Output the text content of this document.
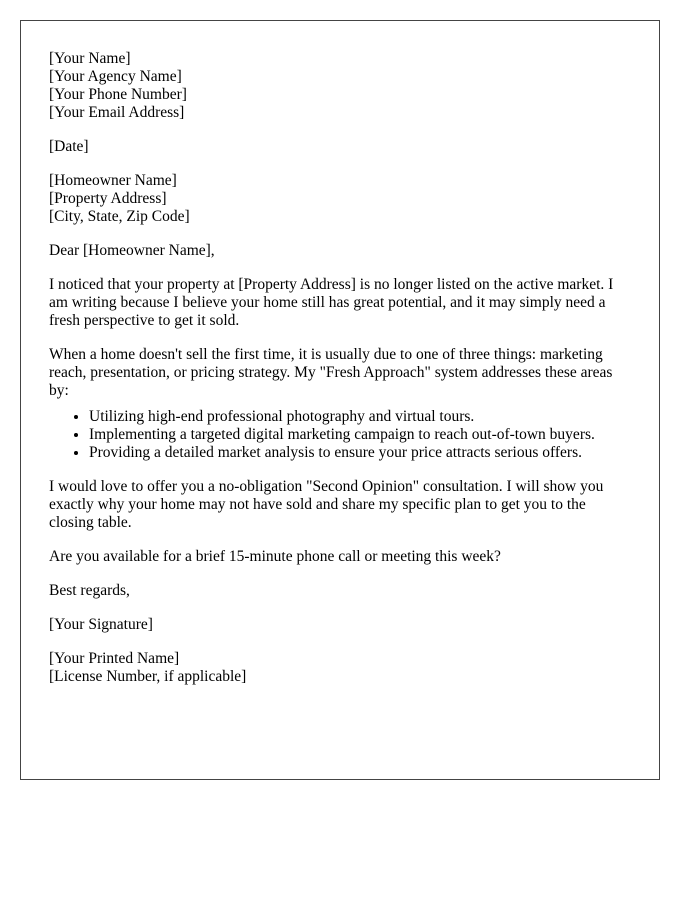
[Your Name]
[Your Agency Name]
[Your Phone Number]
[Your Email Address]
[Date]
[Homeowner Name]
[Property Address]
[City, State, Zip Code]

Dear [Homeowner Name],

I noticed that your property at [Property Address] is no longer listed on the active market. I am writing because I believe your home still has great potential, and it may simply need a fresh perspective to get it sold.

When a home doesn't sell the first time, it is usually due to one of three things: marketing reach, presentation, or pricing strategy. My "Fresh Approach" system addresses these areas by:

• Utilizing high-end professional photography and virtual tours.
• Implementing a targeted digital marketing campaign to reach out-of-town buyers.
• Providing a detailed market analysis to ensure your price attracts serious offers.

I would love to offer you a no-obligation "Second Opinion" consultation. I will show you exactly why your home may not have sold and share my specific plan to get you to the closing table.

Are you available for a brief 15-minute phone call or meeting this week?

Best regards,

[Your Signature]

[Your Printed Name]
[License Number, if applicable]
